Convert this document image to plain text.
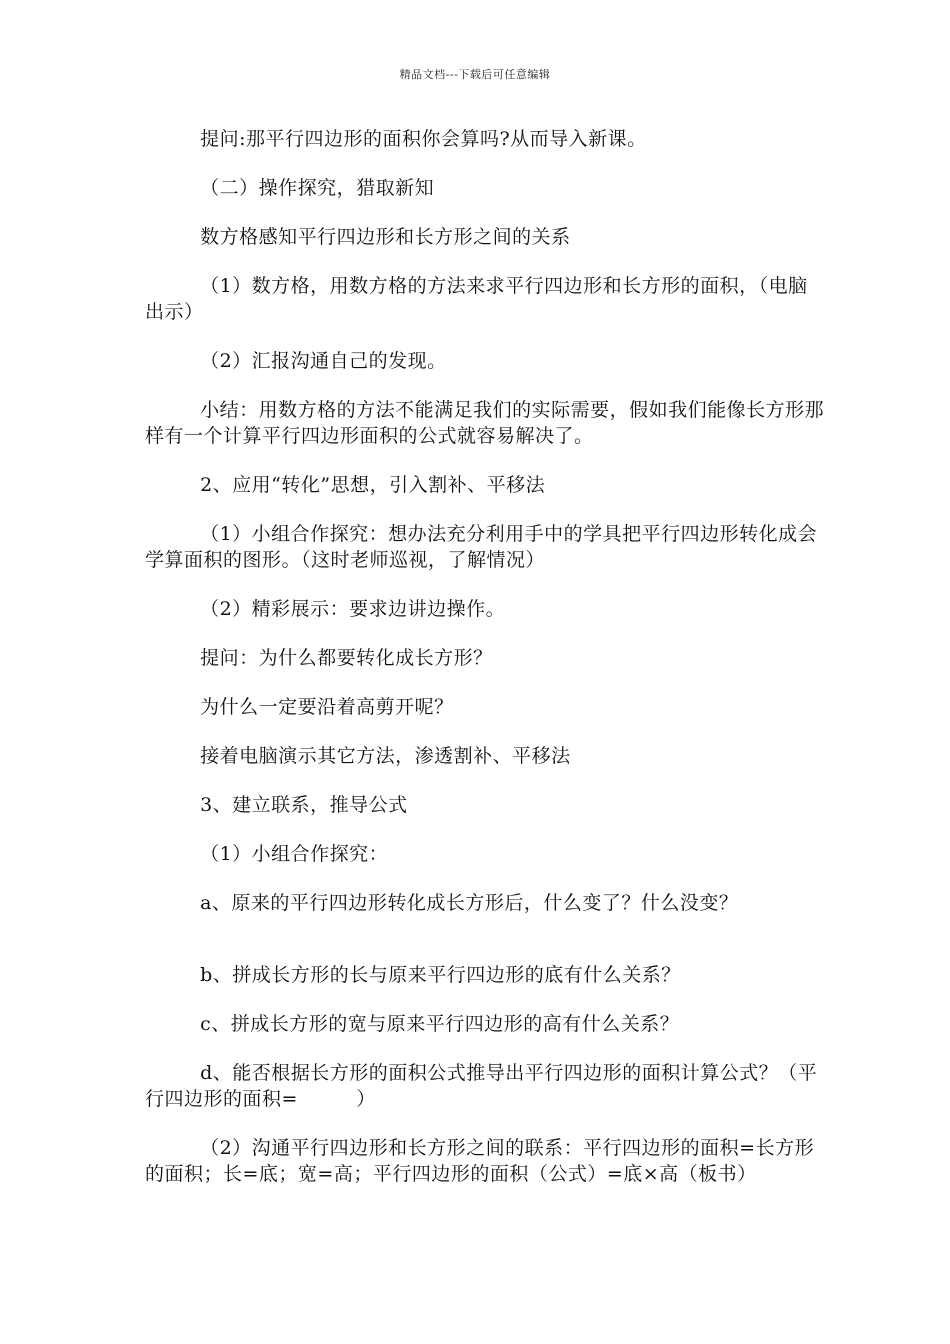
精品文档---下载后可任意编辑

提问:那平行四边形的面积你会算吗?从而导入新课。

（二）操作探究，猎取新知

数方格感知平行四边形和长方形之间的关系

（1）数方格，用数方格的方法来求平行四边形和长方形的面积，（电脑出示）

（2）汇报沟通自己的发现。

小结：用数方格的方法不能满足我们的实际需要，假如我们能像长方形那样有一个计算平行四边形面积的公式就容易解决了。

2、应用“转化”思想，引入割补、平移法

（1）小组合作探究：想办法充分利用手中的学具把平行四边形转化成会学算面积的图形。（这时老师巡视，了解情况）

（2）精彩展示：要求边讲边操作。

提问：为什么都要转化成长方形？

为什么一定要沿着高剪开呢？

接着电脑演示其它方法，渗透割补、平移法

3、建立联系，推导公式

（1）小组合作探究：

a、原来的平行四边形转化成长方形后，什么变了？什么没变？

b、拼成长方形的长与原来平行四边形的底有什么关系？

c、拼成长方形的宽与原来平行四边形的高有什么关系？

d、能否根据长方形的面积公式推导出平行四边形的面积计算公式？（平行四边形的面积=　　　）

（2）沟通平行四边形和长方形之间的联系：平行四边形的面积=长方形的面积；长=底；宽=高；平行四边形的面积（公式）=底×高（板书）
